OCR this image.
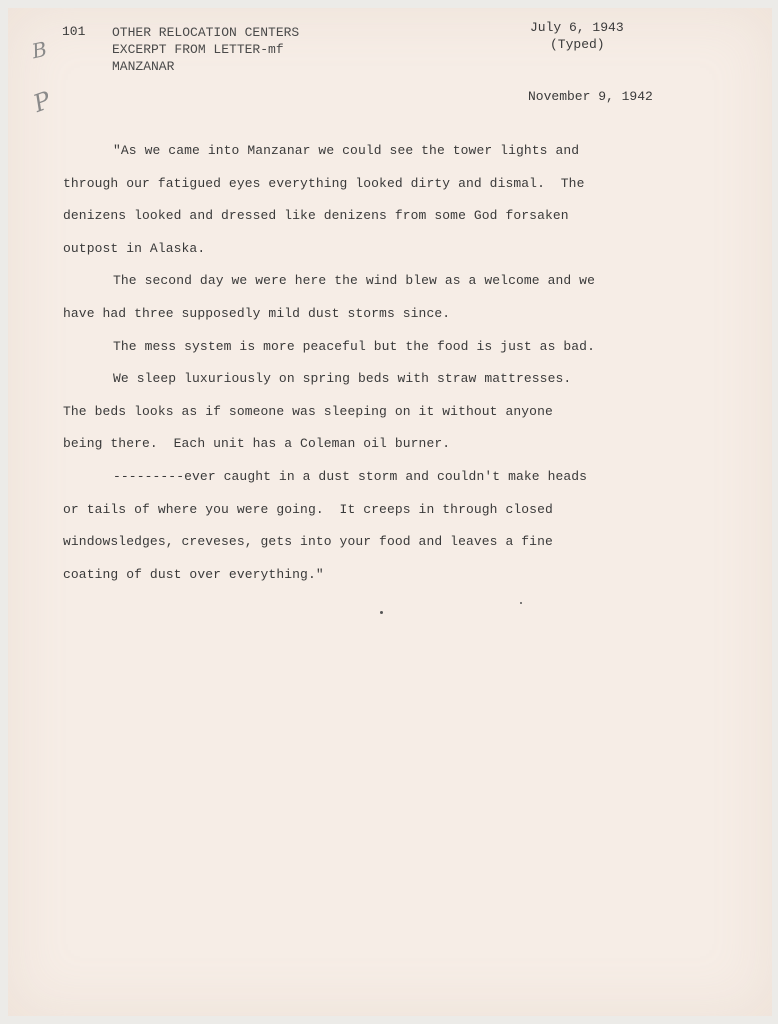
B
P
101 OTHER RELOCATION CENTERS
EXCERPT FROM LETTER-mf
MANZANAR
July 6, 1943
(Typed)
November 9, 1942

"As we came into Manzanar we could see the tower lights and

through our fatigued eyes everything looked dirty and dismal.  The

denizens looked and dressed like denizens from some God forsaken

outpost in Alaska.

The second day we were here the wind blew as a welcome and we

have had three supposedly mild dust storms since.

The mess system is more peaceful but the food is just as bad.

We sleep luxuriously on spring beds with straw mattresses.

The beds looks as if someone was sleeping on it without anyone

being there.  Each unit has a Coleman oil burner.

---------ever caught in a dust storm and couldn't make heads

or tails of where you were going.  It creeps in through closed

windowsledges, creveses, gets into your food and leaves a fine

coating of dust over everything."
